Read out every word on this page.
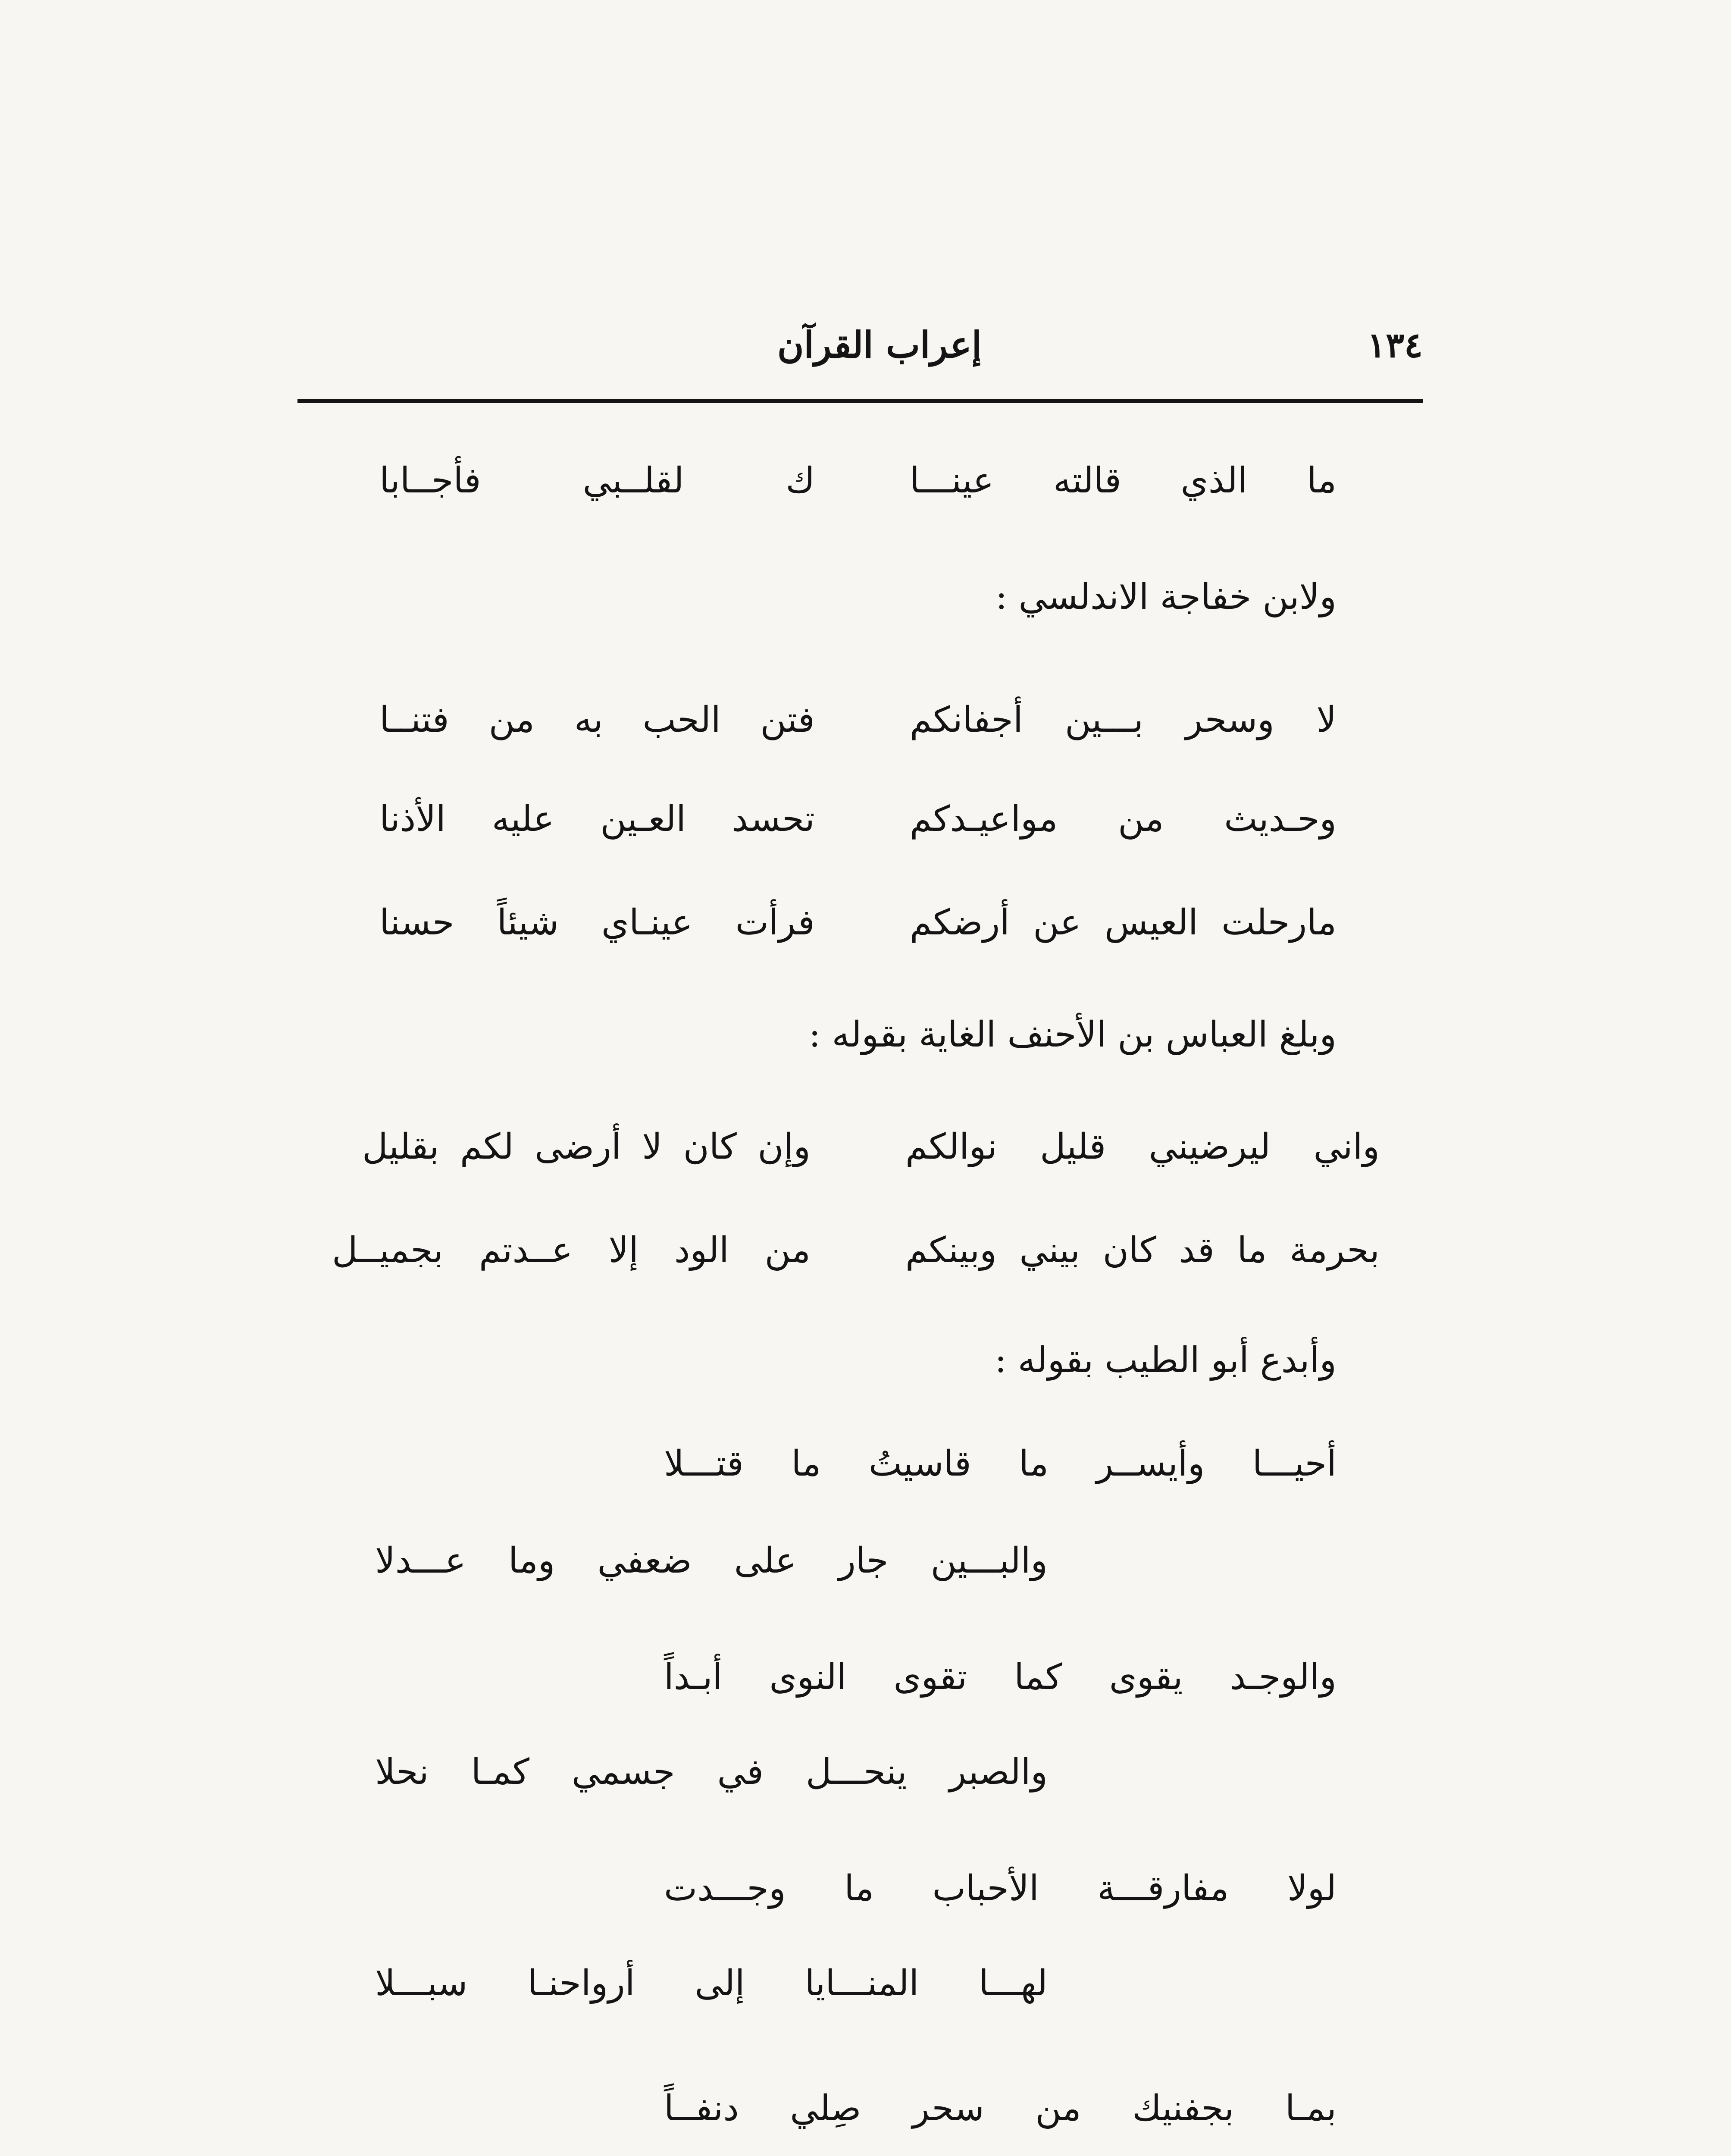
١٣٤
إعراب القرآن
ما الذي قالته عينـــا
ك لقلــبي فأجــابا
ولابن خفاجة الاندلسي :
لا وسحر بـــين أجفانكم
فتن الحب به من فتنــا
وحـديث من مواعيـدكم
تحسد العـين عليه الأذنا
مارحلت العيس عن أرضكم
فرأت عينـاي شيئاً حسنا
وبلغ العباس بن الأحنف الغاية بقوله :
واني ليرضيني قليل نوالكم
وإن كان لا أرضى لكم بقليل
بحرمة ما قد كان بيني وبينكم
من الود إلا عــدتم بجميــل
وأبدع أبو الطيب بقوله :
أحيـــا وأيســر ما قاسيتُ ما قتـــلا
والبـــين جار على ضعفي وما عـــدلا
والوجـد يقوى كما تقوى النوى أبـداً
والصبر ينحـــل في جسمي كمـا نحلا
لولا مفارقـــة الأحباب ما وجـــدت
لهـــا المنـــايا إلى أرواحنـا سبـــلا
بمـا بجفنيك من سحر صِلي دنفــاً
